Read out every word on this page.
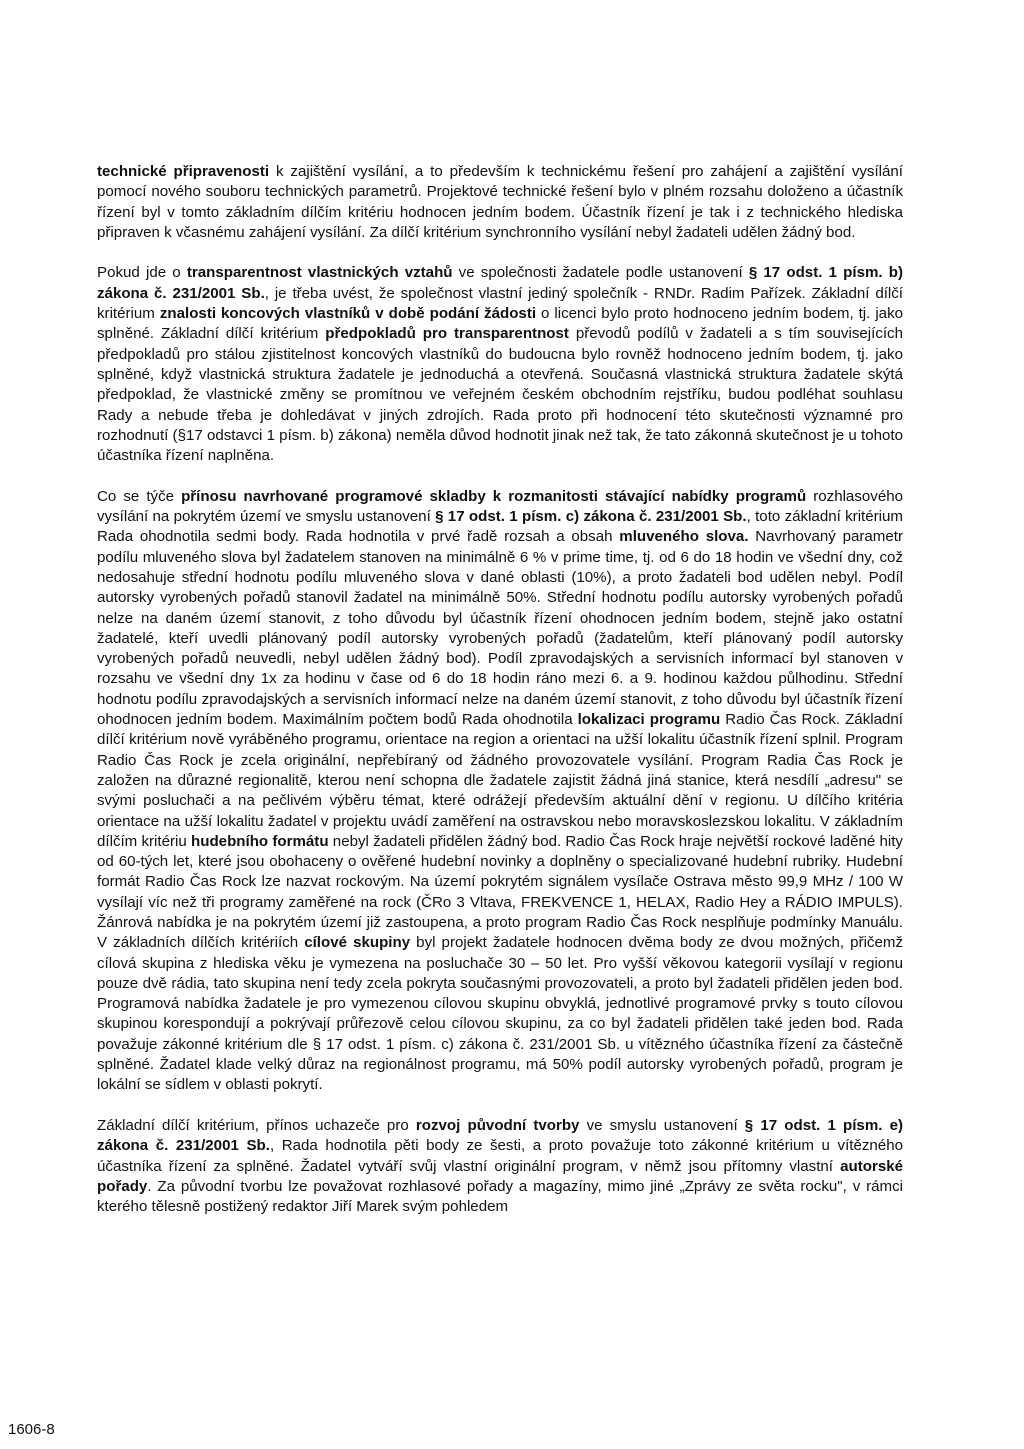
technické připravenosti k zajištění vysílání, a to především k technickému řešení pro zahájení a zajištění vysílání pomocí nového souboru technických parametrů. Projektové technické řešení bylo v plném rozsahu doloženo a účastník řízení byl v tomto základním dílčím kritériu hodnocen jedním bodem. Účastník řízení je tak i z technického hlediska připraven k včasnému zahájení vysílání. Za dílčí kritérium synchronního vysílání nebyl žadateli udělen žádný bod.

Pokud jde o transparentnost vlastnických vztahů ve společnosti žadatele podle ustanovení § 17 odst. 1 písm. b) zákona č. 231/2001 Sb., je třeba uvést, že společnost vlastní jediný společník - RNDr. Radim Pařízek. Základní dílčí kritérium znalosti koncových vlastníků v době podání žádosti o licenci bylo proto hodnoceno jedním bodem, tj. jako splněné. Základní dílčí kritérium předpokladů pro transparentnost převodů podílů v žadateli a s tím souvisejících předpokladů pro stálou zjistitelnost koncových vlastníků do budoucna bylo rovněž hodnoceno jedním bodem, tj. jako splněné, když vlastnická struktura žadatele je jednoduchá a otevřená. Současná vlastnická struktura žadatele skýtá předpoklad, že vlastnické změny se promítnou ve veřejném českém obchodním rejstříku, budou podléhat souhlasu Rady a nebude třeba je dohledávat v jiných zdrojích. Rada proto při hodnocení této skutečnosti významné pro rozhodnutí (§17 odstavci 1 písm. b) zákona) neměla důvod hodnotit jinak než tak, že tato zákonná skutečnost je u tohoto účastníka řízení naplněna.

Co se týče přínosu navrhované programové skladby k rozmanitosti stávající nabídky programů rozhlasového vysílání na pokrytém území ve smyslu ustanovení § 17 odst. 1 písm. c) zákona č. 231/2001 Sb., toto základní kritérium Rada ohodnotila sedmi body. Rada hodnotila v prvé řadě rozsah a obsah mluveného slova. Navrhovaný parametr podílu mluveného slova byl žadatelem stanoven na minimálně 6 % v prime time, tj. od 6 do 18 hodin ve všední dny, což nedosahuje střední hodnotu podílu mluveného slova v dané oblasti (10%), a proto žadateli bod udělen nebyl. Podíl autorsky vyrobených pořadů stanovil žadatel na minimálně 50%. Střední hodnotu podílu autorsky vyrobených pořadů nelze na daném území stanovit, z toho důvodu byl účastník řízení ohodnocen jedním bodem, stejně jako ostatní žadatelé, kteří uvedli plánovaný podíl autorsky vyrobených pořadů (žadatelům, kteří plánovaný podíl autorsky vyrobených pořadů neuvedli, nebyl udělen žádný bod). Podíl zpravodajských a servisních informací byl stanoven v rozsahu ve všední dny 1x za hodinu v čase od 6 do 18 hodin ráno mezi 6. a 9. hodinou každou půlhodinu. Střední hodnotu podílu zpravodajských a servisních informací nelze na daném území stanovit, z toho důvodu byl účastník řízení ohodnocen jedním bodem. Maximálním počtem bodů Rada ohodnotila lokalizaci programu Radio Čas Rock. Základní dílčí kritérium nově vyráběného programu, orientace na region a orientaci na užší lokalitu účastník řízení splnil. Program Radio Čas Rock je zcela originální, nepřebíraný od žádného provozovatele vysílání. Program Radia Čas Rock je založen na důrazné regionalitě, kterou není schopna dle žadatele zajistit žádná jiná stanice, která nesdílí „adresu" se svými posluchači a na pečlivém výběru témat, které odrážejí především aktuální dění v regionu. U dílčího kritéria orientace na užší lokalitu žadatel v projektu uvádí zaměření na ostravskou nebo moravskoslezskou lokalitu. V základním dílčím kritériu hudebního formátu nebyl žadateli přidělen žádný bod. Radio Čas Rock hraje největší rockové laděné hity od 60-tých let, které jsou obohaceny o ověřené hudební novinky a doplněny o specializované hudební rubriky. Hudební formát Radio Čas Rock lze nazvat rockovým. Na území pokrytém signálem vysílače Ostrava město 99,9 MHz / 100 W vysílají víc než tři programy zaměřené na rock (ČRo 3 Vltava, FREKVENCE 1, HELAX, Radio Hey a RÁDIO IMPULS). Žánrová nabídka je na pokrytém území již zastoupena, a proto program Radio Čas Rock nesplňuje podmínky Manuálu. V základních dílčích kritériích cílové skupiny byl projekt žadatele hodnocen dvěma body ze dvou možných, přičemž cílová skupina z hlediska věku je vymezena na posluchače 30 – 50 let. Pro vyšší věkovou kategorii vysílají v regionu pouze dvě rádia, tato skupina není tedy zcela pokryta současnými provozovateli, a proto byl žadateli přidělen jeden bod. Programová nabídka žadatele je pro vymezenou cílovou skupinu obvyklá, jednotlivé programové prvky s touto cílovou skupinou korespondují a pokrývají průřezově celou cílovou skupinu, za co byl žadateli přidělen také jeden bod. Rada považuje zákonné kritérium dle § 17 odst. 1 písm. c) zákona č. 231/2001 Sb. u vítězného účastníka řízení za částečně splněné. Žadatel klade velký důraz na regionálnost programu, má 50% podíl autorsky vyrobených pořadů, program je lokální se sídlem v oblasti pokrytí.

Základní dílčí kritérium, přínos uchazeče pro rozvoj původní tvorby ve smyslu ustanovení § 17 odst. 1 písm. e) zákona č. 231/2001 Sb., Rada hodnotila pěti body ze šesti, a proto považuje toto zákonné kritérium u vítězného účastníka řízení za splněné. Žadatel vytváří svůj vlastní originální program, v němž jsou přítomny vlastní autorské pořady. Za původní tvorbu lze považovat rozhlasové pořady a magazíny, mimo jiné „Zprávy ze světa rocku", v rámci kterého tělesně postižený redaktor Jiří Marek svým pohledem

1606-8
